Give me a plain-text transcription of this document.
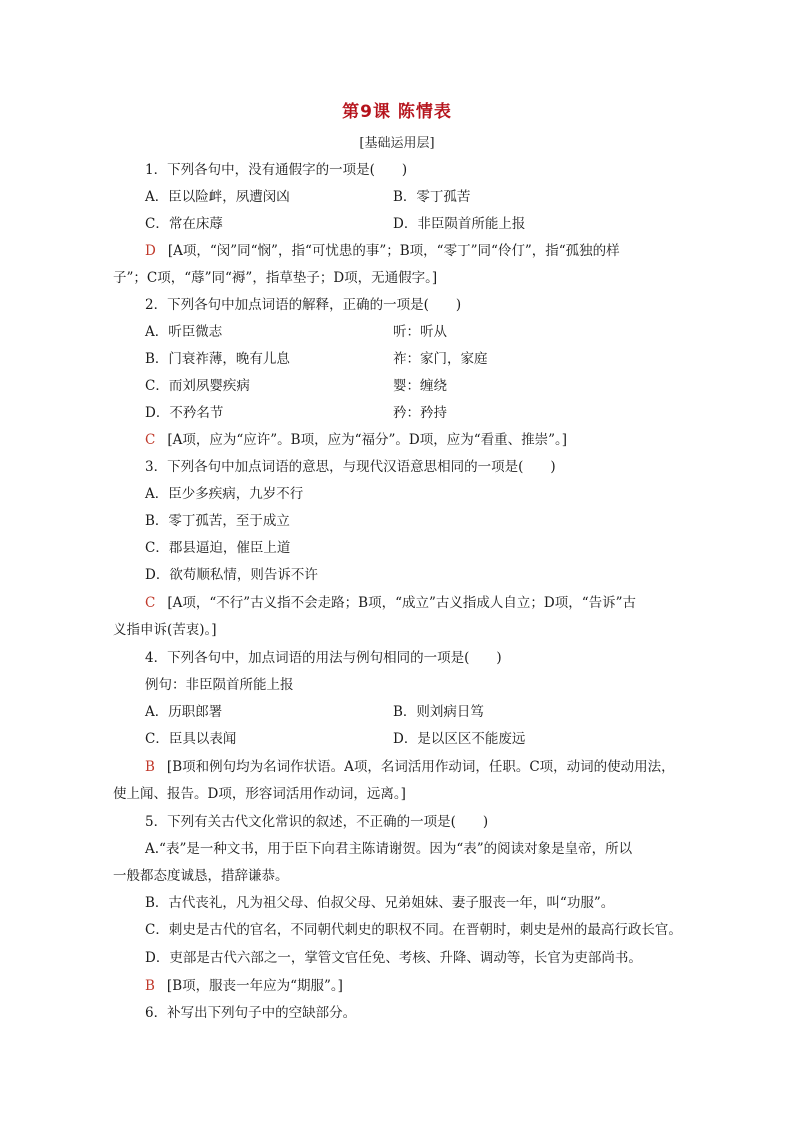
第9课 陈情表
[基础运用层]
1．下列各句中，没有通假字的一项是(　　)
A．臣以险衅，夙遭闵凶	B．零丁孤苦
C．常在床蓐	D．非臣陨首所能上报
D [A项，“闵”同“悯”，指“可忧患的事”；B项，“零丁”同“伶仃”，指“孤独的样
子”；C项，“蓐”同“褥”，指草垫子；D项，无通假字。]
2．下列各句中加点词语的解释，正确的一项是(　　)
A．听臣微志	听：听从
B．门衰祚薄，晚有儿息	祚：家门，家庭
C．而刘夙婴疾病	婴：缠绕
D．不矜名节	矜：矜持
C [A项，应为“应许”。B项，应为“福分”。D项，应为“看重、推崇”。]
3．下列各句中加点词语的意思，与现代汉语意思相同的一项是(　　)
A．臣少多疾病，九岁不行
B．零丁孤苦，至于成立
C．郡县逼迫，催臣上道
D．欲苟顺私情，则告诉不许
C [A项，“不行”古义指不会走路；B项，“成立”古义指成人自立；D项，“告诉”古
义指申诉(苦衷)。]
4．下列各句中，加点词语的用法与例句相同的一项是(　　)
例句：非臣陨首所能上报
A．历职郎署	B．则刘病日笃
C．臣具以表闻	D．是以区区不能废远
B [B项和例句均为名词作状语。A项，名词活用作动词，任职。C项，动词的使动用法，
使上闻、报告。D项，形容词活用作动词，远离。]
5．下列有关古代文化常识的叙述，不正确的一项是(　　)
A.“表”是一种文书，用于臣下向君主陈请谢贺。因为“表”的阅读对象是皇帝，所以
一般都态度诚恳，措辞谦恭。
B．古代丧礼，凡为祖父母、伯叔父母、兄弟姐妹、妻子服丧一年，叫“功服”。
C．刺史是古代的官名，不同朝代刺史的职权不同。在晋朝时，刺史是州的最高行政长官。
D．吏部是古代六部之一，掌管文官任免、考核、升降、调动等，长官为吏部尚书。
B [B项，服丧一年应为“期服”。]
6．补写出下列句子中的空缺部分。
